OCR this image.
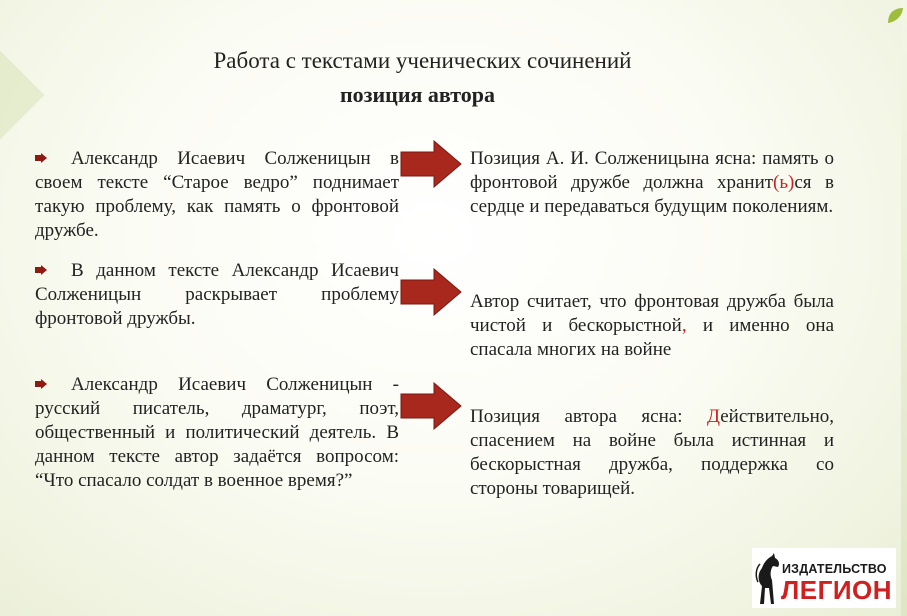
Работа с текстами ученических сочинений
позиция автора
Александр Исаевич Солженицын в своем тексте “Старое ведро” поднимает такую проблему, как память о фронтовой дружбе.
В данном тексте Александр Исаевич Солженицын раскрывает проблему фронтовой дружбы.
Александр Исаевич Солженицын - русский писатель, драматург, поэт, общественный и политический деятель. В данном тексте автор задаётся вопросом: “Что спасало солдат в военное время?”
Позиция А. И. Солженицына ясна: память о фронтовой дружбе должна хранит(ь)ся в сердце и передаваться будущим поколениям.
Автор считает, что фронтовая дружба была чистой и бескорыстной, и именно она спасала многих на войне
Позиция автора ясна: Действительно, спасением на войне была истинная и бескорыстная дружба, поддержка со стороны товарищей.
ИЗДАТЕЛЬСТВО
ЛЕГИОН
